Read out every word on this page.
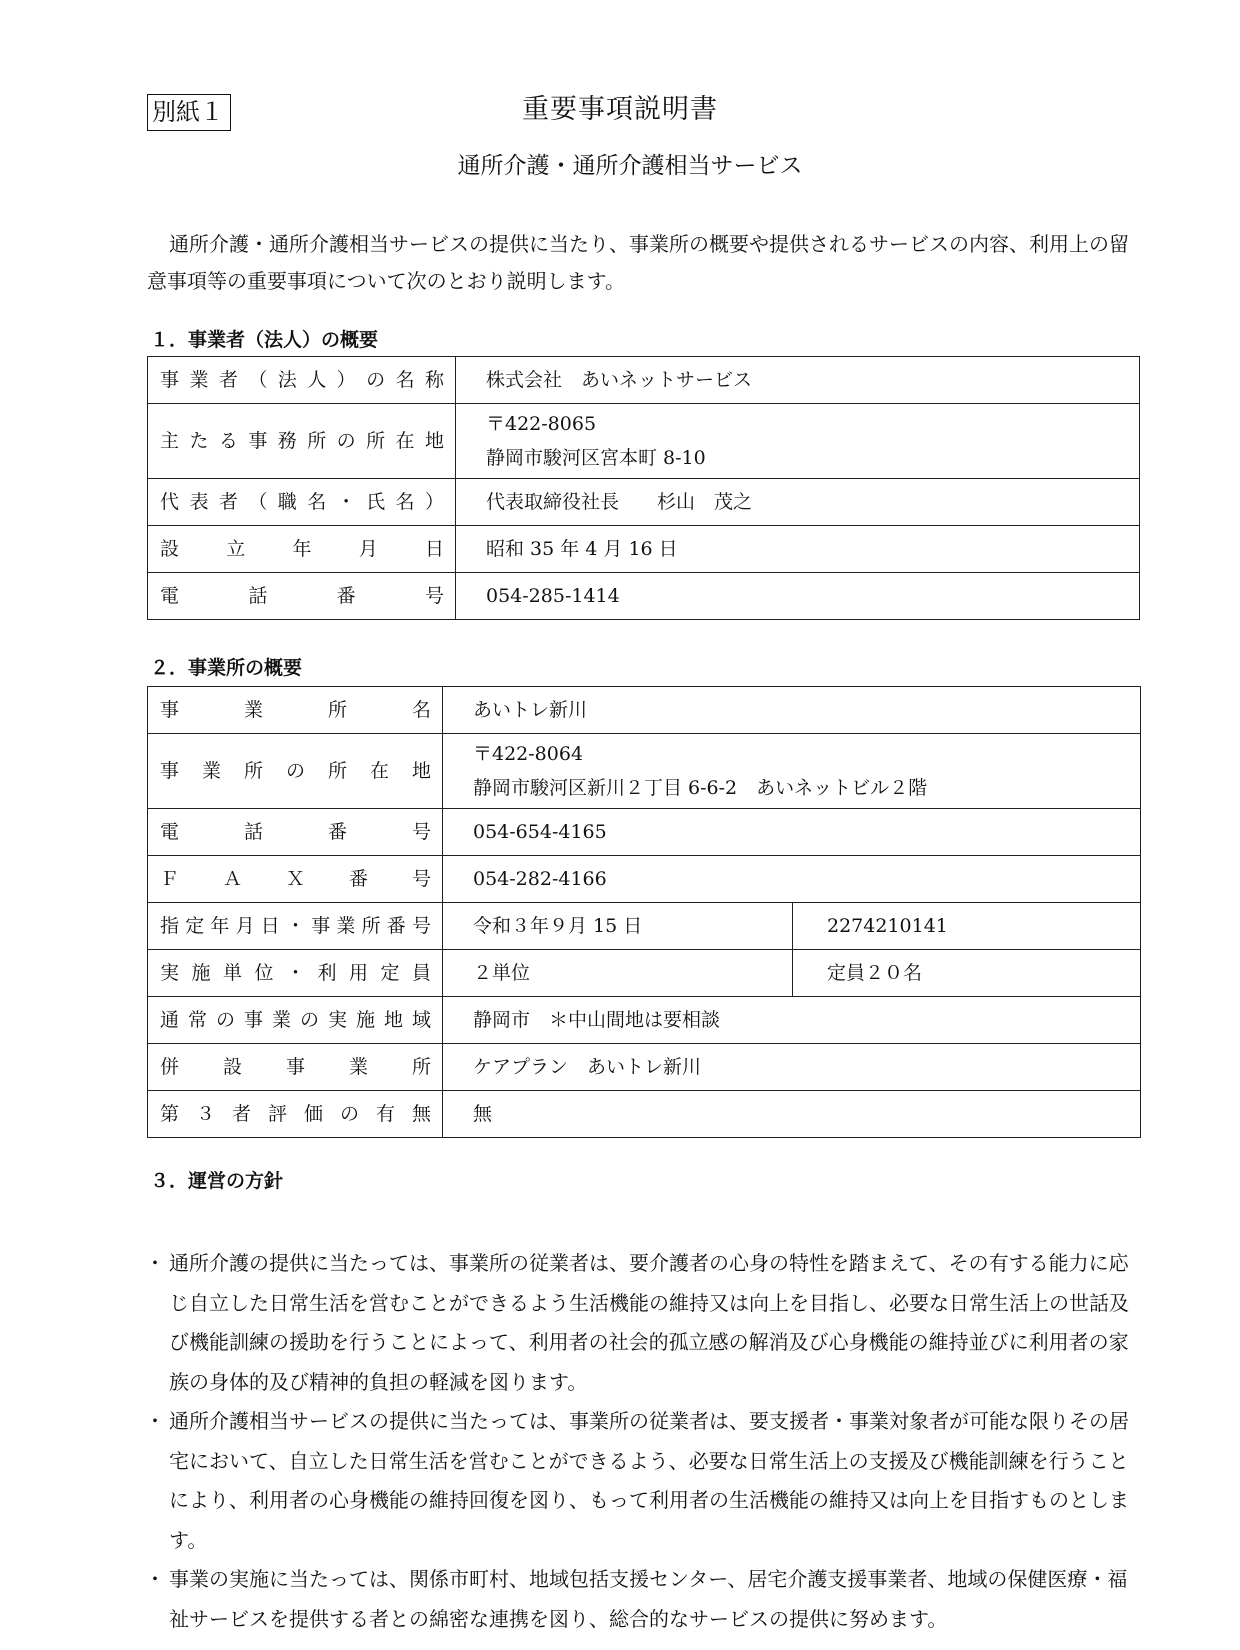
別紙１	重要事項説明書
通所介護・通所介護相当サービス
通所介護・通所介護相当サービスの提供に当たり、事業所の概要や提供されるサービスの内容、利用上の留意事項等の重要事項について次のとおり説明します。
１．事業者（法人）の概要
事業者（法人）の名称	株式会社　あいネットサービス
主たる事務所の所在地	〒422-8065
静岡市駿河区宮本町 8-10

代表者（職名・氏名）	代表取締役社長　　杉山　茂之
設立年月日	昭和 35 年 4 月 16 日
電話番号	054-285-1414
２．事業所の概要
事業所名	あいトレ新川	
事業所の所在地	〒422-8064
静岡市駿河区新川２丁目 6-6-2　あいネットビル２階	

電話番号	054-654-4165	
ＦＡＸ番号	054-282-4166	
指定年月日・事業所番号	令和３年９月 15 日	2274210141
実施単位・利用定員	２単位	定員２０名
通常の事業の実施地域	静岡市　＊中山間地は要相談	
併設事業所	ケアプラン　あいトレ新川	
第３者評価の有無	無	
３．運営の方針
・ 通所介護の提供に当たっては、事業所の従業者は、要介護者の心身の特性を踏まえて、その有する能力に応じ自立した日常生活を営むことができるよう生活機能の維持又は向上を目指し、必要な日常生活上の世話及び機能訓練の援助を行うことによって、利用者の社会的孤立感の解消及び心身機能の維持並びに利用者の家族の身体的及び精神的負担の軽減を図ります。
・ 通所介護相当サービスの提供に当たっては、事業所の従業者は、要支援者・事業対象者が可能な限りその居宅において、自立した日常生活を営むことができるよう、必要な日常生活上の支援及び機能訓練を行うことにより、利用者の心身機能の維持回復を図り、もって利用者の生活機能の維持又は向上を目指すものとします。
・ 事業の実施に当たっては、関係市町村、地域包括支援センター、居宅介護支援事業者、地域の保健医療・福祉サービスを提供する者との綿密な連携を図り、総合的なサービスの提供に努めます。
